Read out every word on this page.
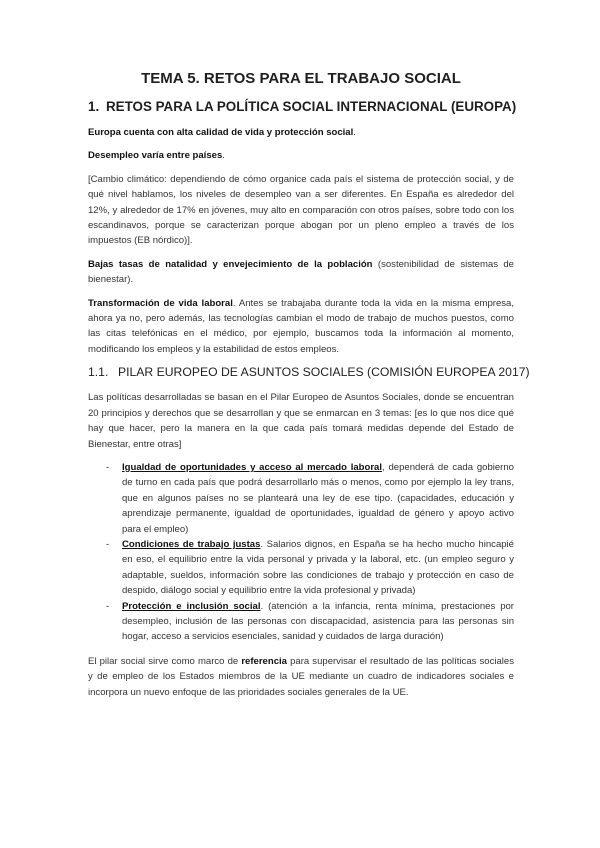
TEMA 5. RETOS PARA EL TRABAJO SOCIAL
1. RETOS PARA LA POLÍTICA SOCIAL INTERNACIONAL (EUROPA)

Europa cuenta con alta calidad de vida y protección social.

Desempleo varía entre países.

[Cambio climático: dependiendo de cómo organice cada país el sistema de protección social, y de qué nivel hablamos, los niveles de desempleo van a ser diferentes. En España es alrededor del 12%, y alrededor de 17% en jóvenes, muy alto en comparación con otros países, sobre todo con los escandinavos, porque se caracterizan porque abogan por un pleno empleo a través de los impuestos (EB nórdico)].

Bajas tasas de natalidad y envejecimiento de la población (sostenibilidad de sistemas de bienestar).

Transformación de vida laboral. Antes se trabajaba durante toda la vida en la misma empresa, ahora ya no, pero además, las tecnologías cambian el modo de trabajo de muchos puestos, como las citas telefónicas en el médico, por ejemplo, buscamos toda la información al momento, modificando los empleos y la estabilidad de estos empleos.

1.1. PILAR EUROPEO DE ASUNTOS SOCIALES (COMISIÓN EUROPEA 2017)

Las políticas desarrolladas se basan en el Pilar Europeo de Asuntos Sociales, donde se encuentran 20 principios y derechos que se desarrollan y que se enmarcan en 3 temas: [es lo que nos dice qué hay que hacer, pero la manera en la que cada país tomará medidas depende del Estado de Bienestar, entre otras]

- Igualdad de oportunidades y acceso al mercado laboral, dependerá de cada gobierno de turno en cada país que podrá desarrollarlo más o menos, como por ejemplo la ley trans, que en algunos países no se planteará una ley de ese tipo. (capacidades, educación y aprendizaje permanente, igualdad de oportunidades, igualdad de género y apoyo activo para el empleo)
- Condiciones de trabajo justas. Salarios dignos, en España se ha hecho mucho hincapié en eso, el equilibrio entre la vida personal y privada y la laboral, etc. (un empleo seguro y adaptable, sueldos, información sobre las condiciones de trabajo y protección en caso de despido, diálogo social y equilibrio entre la vida profesional y privada)
- Protección e inclusión social. (atención a la infancia, renta mínima, prestaciones por desempleo, inclusión de las personas con discapacidad, asistencia para las personas sin hogar, acceso a servicios esenciales, sanidad y cuidados de larga duración)

El pilar social sirve como marco de referencia para supervisar el resultado de las políticas sociales y de empleo de los Estados miembros de la UE mediante un cuadro de indicadores sociales e incorpora un nuevo enfoque de las prioridades sociales generales de la UE.
